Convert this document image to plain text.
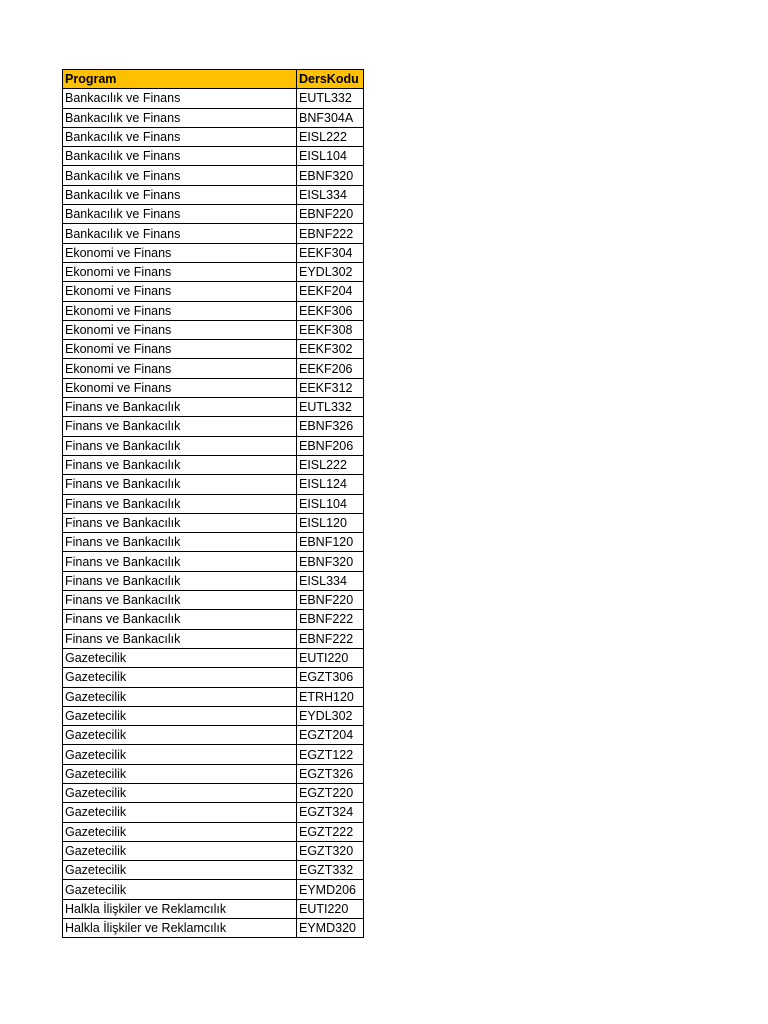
Program	DersKodu
Bankacılık ve Finans	EUTL332
Bankacılık ve Finans	BNF304A
Bankacılık ve Finans	EISL222
Bankacılık ve Finans	EISL104
Bankacılık ve Finans	EBNF320
Bankacılık ve Finans	EISL334
Bankacılık ve Finans	EBNF220
Bankacılık ve Finans	EBNF222
Ekonomi ve Finans	EEKF304
Ekonomi ve Finans	EYDL302
Ekonomi ve Finans	EEKF204
Ekonomi ve Finans	EEKF306
Ekonomi ve Finans	EEKF308
Ekonomi ve Finans	EEKF302
Ekonomi ve Finans	EEKF206
Ekonomi ve Finans	EEKF312
Finans ve Bankacılık	EUTL332
Finans ve Bankacılık	EBNF326
Finans ve Bankacılık	EBNF206
Finans ve Bankacılık	EISL222
Finans ve Bankacılık	EISL124
Finans ve Bankacılık	EISL104
Finans ve Bankacılık	EISL120
Finans ve Bankacılık	EBNF120
Finans ve Bankacılık	EBNF320
Finans ve Bankacılık	EISL334
Finans ve Bankacılık	EBNF220
Finans ve Bankacılık	EBNF222
Finans ve Bankacılık	EBNF222
Gazetecilik	EUTI220
Gazetecilik	EGZT306
Gazetecilik	ETRH120
Gazetecilik	EYDL302
Gazetecilik	EGZT204
Gazetecilik	EGZT122
Gazetecilik	EGZT326
Gazetecilik	EGZT220
Gazetecilik	EGZT324
Gazetecilik	EGZT222
Gazetecilik	EGZT320
Gazetecilik	EGZT332
Gazetecilik	EYMD206
Halkla İlişkiler ve Reklamcılık	EUTI220
Halkla İlişkiler ve Reklamcılık	EYMD320
